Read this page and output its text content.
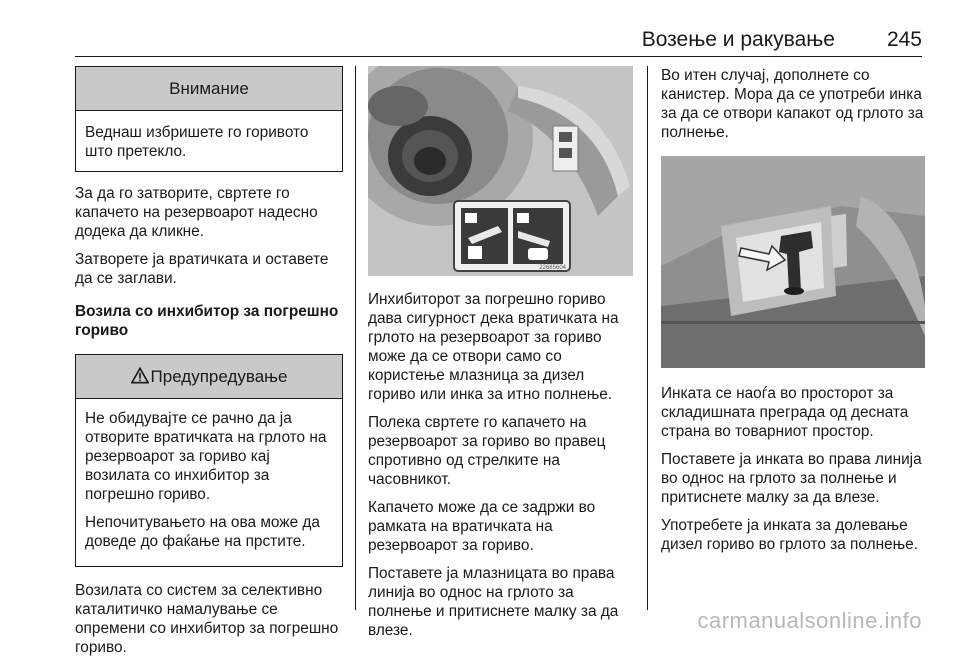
Возење и ракување 245
Внимание

Веднаш избришете го горивото што претекло.

За да го затворите, свртете го капачето на резервоарот надесно додека да кликне.

Затворете ја вратичката и оставете да се заглави.

Возила со инхибитор за погрешно гориво

Предупредување

Не обидувајте се рачно да ја отворите вратичката на грлото на резервоарот за гориво кај возилата со инхибитор за погрешно гориво.

Непочитувањето на ова може да доведе до фаќање на прстите.

Возилата со систем за селективно каталитичко намалување се опремени со инхибитор за погрешно гориво.

22685604

Инхибиторот за погрешно гориво дава сигурност дека вратичката на грлото на резервоарот за гориво може да се отвори само со користење млазница за дизел гориво или инка за итно полнење.

Полека свртете го капачето на резервоарот за гориво во правец спротивно од стрелките на часовникот.

Капачето може да се задржи во рамката на вратичката на резервоарот за гориво.

Поставете ја млазницата во права линија во однос на грлото за полнење и притиснете малку за да влезе.

Во итен случај, дополнете со канистер. Мора да се употреби инка за да се отвори капакот од грлото за полнење.

Инката се наоѓа во просторот за складишната преграда од десната страна во товарниот простор.

Поставете ја инката во права линија во однос на грлото за полнење и притиснете малку за да влезе.

Употребете ја инката за долевање дизел гориво во грлото за полнење.

carmanualsonline.info
